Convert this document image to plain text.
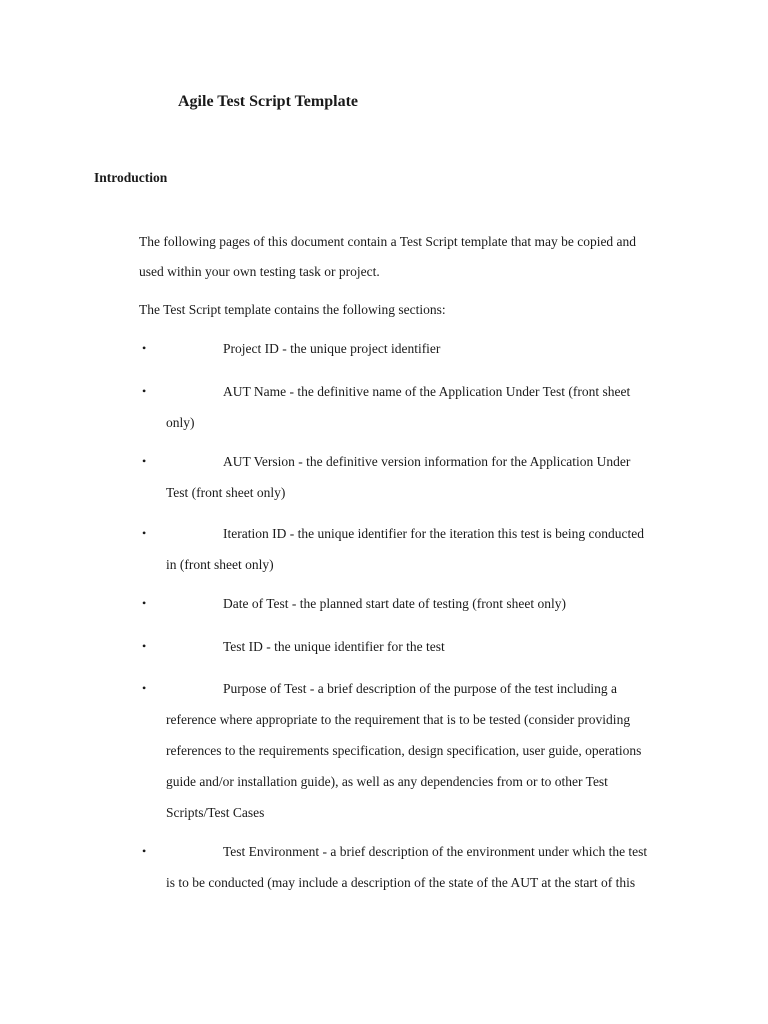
Agile Test Script Template
Introduction
The following pages of this document contain a Test Script template that may be copied and
used within your own testing task or project.
The Test Script template contains the following sections:
•	Project ID - the unique project identifier
•	AUT Name - the definitive name of the Application Under Test (front sheet
only)
•	AUT Version - the definitive version information for the Application Under
Test (front sheet only)
•	Iteration ID - the unique identifier for the iteration this test is being conducted
in (front sheet only)
•	Date of Test - the planned start date of testing (front sheet only)
•	Test ID - the unique identifier for the test
•	Purpose of Test - a brief description of the purpose of the test including a
reference where appropriate to the requirement that is to be tested (consider providing
references to the requirements specification, design specification, user guide, operations
guide and/or installation guide), as well as any dependencies from or to other Test
Scripts/Test Cases
•	Test Environment - a brief description of the environment under which the test
is to be conducted (may include a description of the state of the AUT at the start of this
